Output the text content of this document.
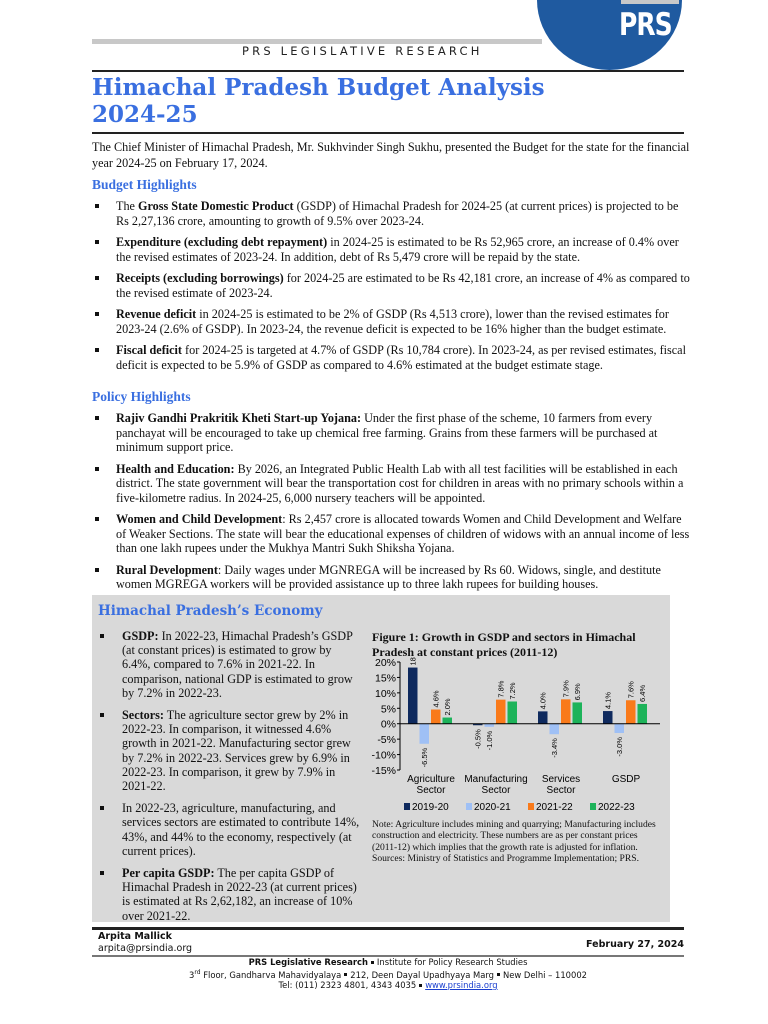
PRS
PRS LEGISLATIVE RESEARCH
Himachal Pradesh Budget Analysis
2024-25
The Chief Minister of Himachal Pradesh, Mr. Sukhvinder Singh Sukhu, presented the Budget for the state for the financial year 2024-25 on February 17, 2024.
Budget Highlights
The Gross State Domestic Product (GSDP) of Himachal Pradesh for 2024-25 (at current prices) is projected to be Rs 2,27,136 crore, amounting to growth of 9.5% over 2023-24.
Expenditure (excluding debt repayment) in 2024-25 is estimated to be Rs 52,965 crore, an increase of 0.4% over the revised estimates of 2023-24. In addition, debt of Rs 5,479 crore will be repaid by the state.
Receipts (excluding borrowings) for 2024-25 are estimated to be Rs 42,181 crore, an increase of 4% as compared to the revised estimate of 2023-24.
Revenue deficit in 2024-25 is estimated to be 2% of GSDP (Rs 4,513 crore), lower than the revised estimates for 2023-24 (2.6% of GSDP). In 2023-24, the revenue deficit is expected to be 16% higher than the budget estimate.
Fiscal deficit for 2024-25 is targeted at 4.7% of GSDP (Rs 10,784 crore). In 2023-24, as per revised estimates, fiscal deficit is expected to be 5.9% of GSDP as compared to 4.6% estimated at the budget estimate stage.
Policy Highlights
Rajiv Gandhi Prakritik Kheti Start-up Yojana: Under the first phase of the scheme, 10 farmers from every panchayat will be encouraged to take up chemical free farming. Grains from these farmers will be purchased at minimum support price.
Health and Education: By 2026, an Integrated Public Health Lab with all test facilities will be established in each district. The state government will bear the transportation cost for children in areas with no primary schools within a five-kilometre radius. In 2024-25, 6,000 nursery teachers will be appointed.
Women and Child Development: Rs 2,457 crore is allocated towards Women and Child Development and Welfare of Weaker Sections. The state will bear the educational expenses of children of widows with an annual income of less than one lakh rupees under the Mukhya Mantri Sukh Shiksha Yojana.
Rural Development: Daily wages under MGNREGA will be increased by Rs 60. Widows, single, and destitute women MGREGA workers will be provided assistance up to three lakh rupees for building houses.
Himachal Pradesh’s Economy
GSDP: In 2022-23, Himachal Pradesh’s GSDP (at constant prices) is estimated to grow by 6.4%, compared to 7.6% in 2021-22. In comparison, national GDP is estimated to grow by 7.2% in 2022-23.
Sectors: The agriculture sector grew by 2% in 2022-23. In comparison, it witnessed 4.6% growth in 2021-22. Manufacturing sector grew by 7.2% in 2022-23. Services grew by 6.9% in 2022-23. In comparison, it grew by 7.9% in 2021-22.
In 2022-23, agriculture, manufacturing, and services sectors are estimated to contribute 14%, 43%, and 44% to the economy, respectively (at current prices).
Per capita GSDP: The per capita GSDP of Himachal Pradesh in 2022-23 (at current prices) is estimated at Rs 2,62,182, an increase of 10% over 2021-22.
Figure 1: Growth in GSDP and sectors in Himachal Pradesh at constant prices (2011-12)
20%
15%
10%
5%
0%
-5%
-10%
-15%
-6.5%
4.6% 2.0%
Agriculture
Sector
-0.5% -1.0%
7.8% 7.2%
Manufacturing
Sector
4.0%
-3.4%
7.9% 6.9%
Services
Sector
4.1%
-3.0%
7.6% 6.4%
GSDP
2019-20	2020-21	2021-22	2022-23
Note: Agriculture includes mining and quarrying; Manufacturing includes construction and electricity. These numbers are as per constant prices (2011-12) which implies that the growth rate is adjusted for inflation.
Sources: Ministry of Statistics and Programme Implementation; PRS.
Arpita Mallick
arpita@prsindia.org	February 27, 2024
PRS Legislative Research Institute for Policy Research Studies
3rd Floor, Gandharva Mahavidyalaya 212, Deen Dayal Upadhyaya Marg New Delhi – 110002
Tel: (011) 2323 4801, 4343 4035 www.prsindia.org
